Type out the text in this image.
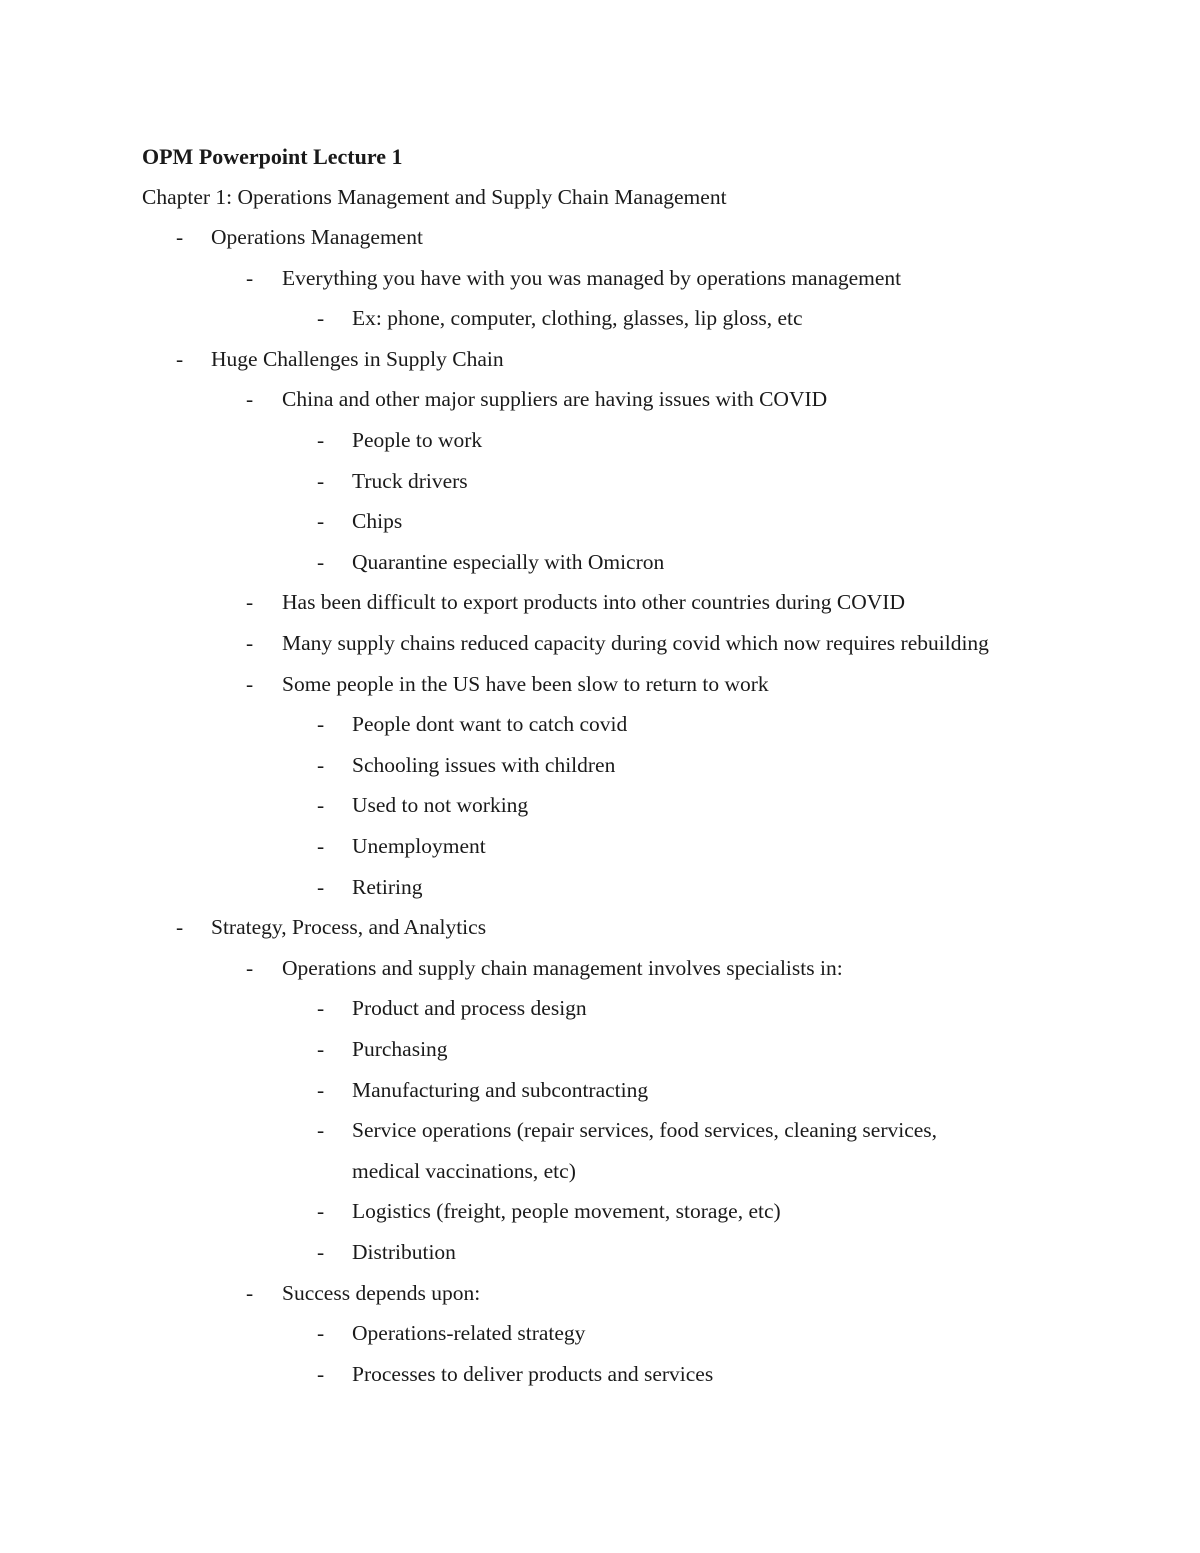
OPM Powerpoint Lecture 1
Chapter 1: Operations Management and Supply Chain Management
- Operations Management
- Everything you have with you was managed by operations management
- Ex: phone, computer, clothing, glasses, lip gloss, etc
- Huge Challenges in Supply Chain
- China and other major suppliers are having issues with COVID
- People to work
- Truck drivers
- Chips
- Quarantine especially with Omicron
- Has been difficult to export products into other countries during COVID
- Many supply chains reduced capacity during covid which now requires rebuilding
- Some people in the US have been slow to return to work
- People dont want to catch covid
- Schooling issues with children
- Used to not working
- Unemployment
- Retiring
- Strategy, Process, and Analytics
- Operations and supply chain management involves specialists in:
- Product and process design
- Purchasing
- Manufacturing and subcontracting
- Service operations (repair services, food services, cleaning services,
medical vaccinations, etc)
- Logistics (freight, people movement, storage, etc)
- Distribution
- Success depends upon:
- Operations-related strategy
- Processes to deliver products and services
